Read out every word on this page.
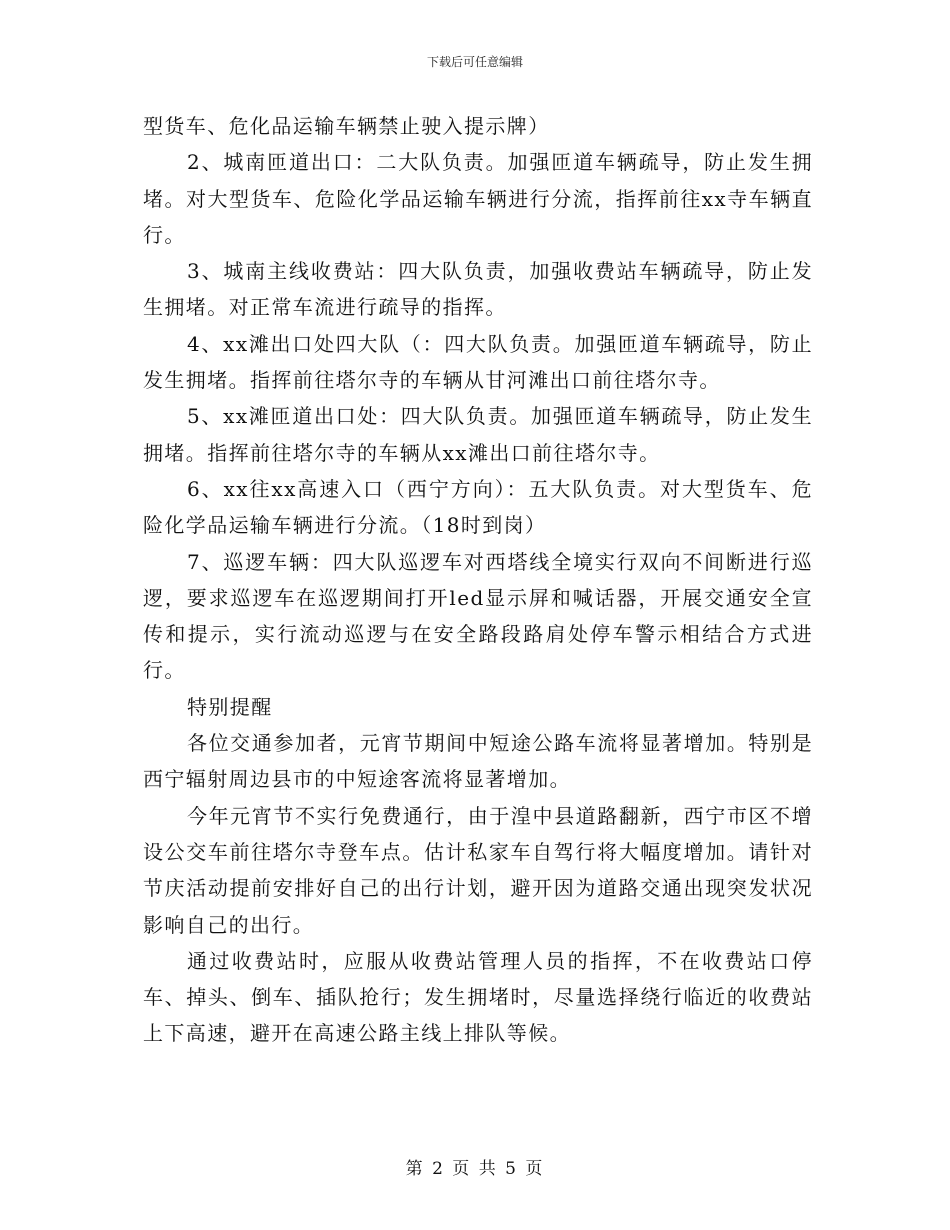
下载后可任意编辑

型货车、危化品运输车辆禁止驶入提示牌）

2、城南匝道出口：二大队负责。加强匝道车辆疏导，防止发生拥堵。对大型货车、危险化学品运输车辆进行分流，指挥前往xx寺车辆直行。

3、城南主线收费站：四大队负责，加强收费站车辆疏导，防止发生拥堵。对正常车流进行疏导的指挥。

4、xx滩出口处四大队（：四大队负责。加强匝道车辆疏导，防止发生拥堵。指挥前往塔尔寺的车辆从甘河滩出口前往塔尔寺。

5、xx滩匝道出口处：四大队负责。加强匝道车辆疏导，防止发生拥堵。指挥前往塔尔寺的车辆从xx滩出口前往塔尔寺。

6、xx往xx高速入口（西宁方向）：五大队负责。对大型货车、危险化学品运输车辆进行分流。（18时到岗）

7、巡逻车辆：四大队巡逻车对西塔线全境实行双向不间断进行巡逻，要求巡逻车在巡逻期间打开led显示屏和喊话器，开展交通安全宣传和提示，实行流动巡逻与在安全路段路肩处停车警示相结合方式进行。

特别提醒

各位交通参加者，元宵节期间中短途公路车流将显著增加。特别是西宁辐射周边县市的中短途客流将显著增加。

今年元宵节不实行免费通行，由于湟中县道路翻新，西宁市区不增设公交车前往塔尔寺登车点。估计私家车自驾行将大幅度增加。请针对节庆活动提前安排好自己的出行计划，避开因为道路交通出现突发状况影响自己的出行。

通过收费站时，应服从收费站管理人员的指挥，不在收费站口停车、掉头、倒车、插队抢行；发生拥堵时，尽量选择绕行临近的收费站上下高速，避开在高速公路主线上排队等候。

第 2 页 共 5 页
